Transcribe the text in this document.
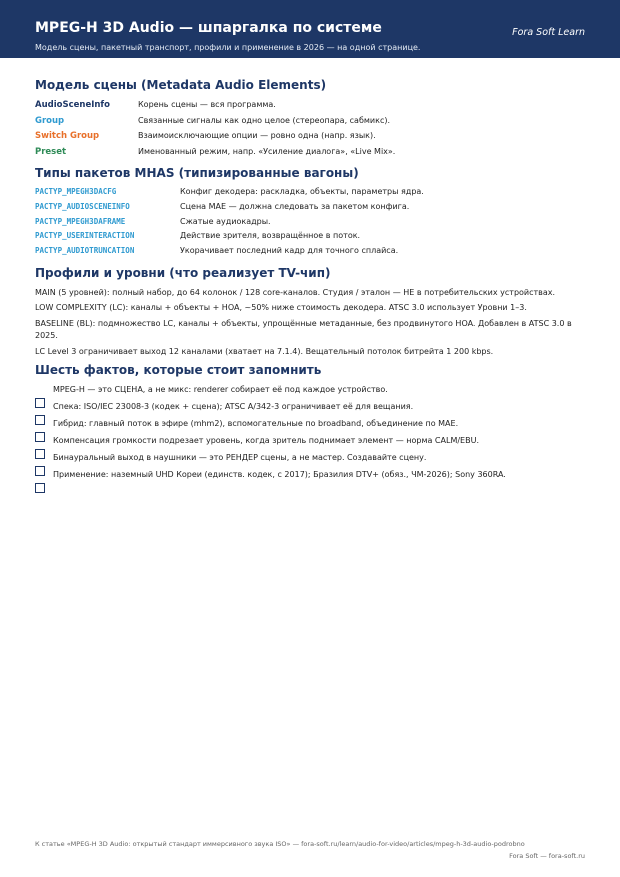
MPEG-H 3D Audio — шпаргалка по системе
Модель сцены, пакетный транспорт, профили и применение в 2026 — на одной странице.
Fora Soft Learn
Модель сцены (Metadata Audio Elements)
AudioSceneInfo	Корень сцены — вся программа.
Group	Связанные сигналы как одно целое (стереопара, сабмикс).
Switch Group	Взаимоисключающие опции — ровно одна (напр. язык).
Preset	Именованный режим, напр. «Усиление диалога», «Live Mix».
Типы пакетов MHAS (типизированные вагоны)
PACTYP_MPEGH3DACFG	Конфиг декодера: раскладка, объекты, параметры ядра.
PACTYP_AUDIOSCENEINFO	Сцена MAE — должна следовать за пакетом конфига.
PACTYP_MPEGH3DAFRAME	Сжатые аудиокадры.
PACTYP_USERINTERACTION	Действие зрителя, возвращённое в поток.
PACTYP_AUDIOTRUNCATION	Укорачивает последний кадр для точного сплайса.
Профили и уровни (что реализует TV-чип)

MAIN (5 уровней): полный набор, до 64 колонок / 128 core-каналов. Студия / эталон — НЕ в потребительских устройствах.

LOW COMPLEXITY (LC): каналы + объекты + HOA, ~50% ниже стоимость декодера. ATSC 3.0 использует Уровни 1–3.

BASELINE (BL): подмножество LC, каналы + объекты, упрощённые метаданные, без продвинутого HOA. Добавлен в ATSC 3.0 в 2025.

LC Level 3 ограничивает выход 12 каналами (хватает на 7.1.4). Вещательный потолок битрейта 1 200 kbps.

Шесть фактов, которые стоит запомнить
MPEG-H — это СЦЕНА, а не микс: renderer собирает её под каждое устройство.
Спека: ISO/IEC 23008-3 (кодек + сцена); ATSC A/342-3 ограничивает её для вещания.
Гибрид: главный поток в эфире (mhm2), вспомогательные по broadband, объединение по MAE.
Компенсация громкости подрезает уровень, когда зритель поднимает элемент — норма CALM/EBU.
Бинауральный выход в наушники — это РЕНДЕР сцены, а не мастер. Создавайте сцену.
Применение: наземный UHD Кореи (единств. кодек, с 2017); Бразилия DTV+ (обяз., ЧМ-2026); Sony 360RA.
К статье «MPEG-H 3D Audio: открытый стандарт иммерсивного звука ISO» — fora-soft.ru/learn/audio-for-video/articles/mpeg-h-3d-audio-podrobno
Fora Soft — fora-soft.ru
